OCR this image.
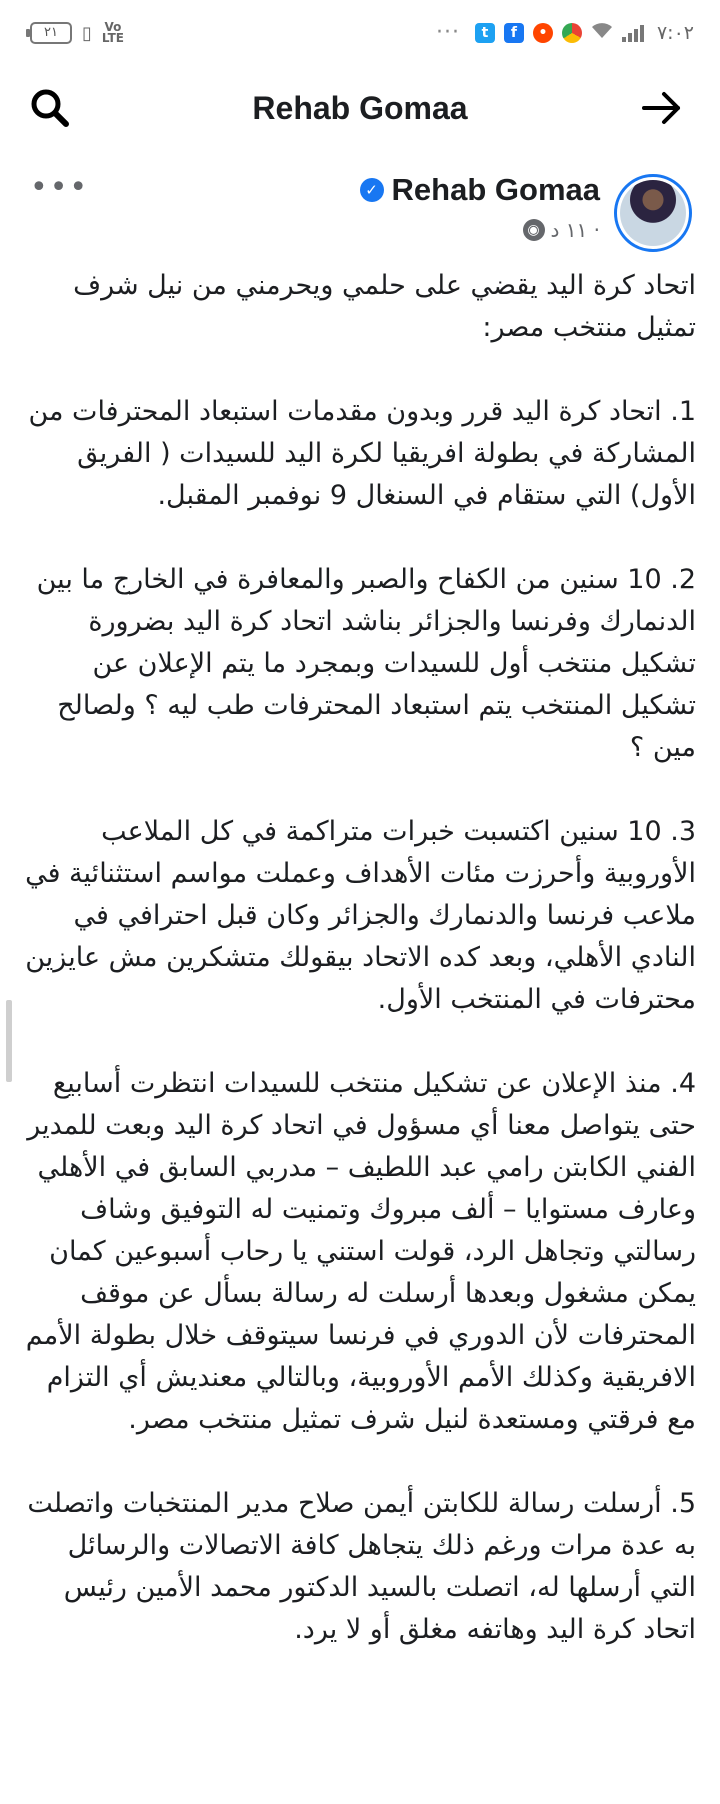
٢١	▯ Vo
LTE	···	t	f	•	٧:٠٢
Rehab Gomaa
•••	✓ Rehab Gomaa
◉ ١١ د ·

اتحاد كرة اليد يقضي على حلمي ويحرمني من نيل شرف تمثيل منتخب مصر:

1. اتحاد كرة اليد قرر وبدون مقدمات استبعاد المحترفات من المشاركة في بطولة افريقيا لكرة اليد للسيدات ( الفريق الأول) التي ستقام في السنغال 9 نوفمبر المقبل.

2. 10 سنين من الكفاح والصبر والمعافرة في الخارج ما بين الدنمارك وفرنسا والجزائر بناشد اتحاد كرة اليد بضرورة تشكيل منتخب أول للسيدات وبمجرد ما يتم الإعلان عن تشكيل المنتخب يتم استبعاد المحترفات طب ليه ؟ ولصالح مين ؟

3. 10 سنين اكتسبت خبرات متراكمة في كل الملاعب الأوروبية وأحرزت مئات الأهداف وعملت مواسم استثنائية في ملاعب فرنسا والدنمارك والجزائر وكان قبل احترافي في النادي الأهلي، وبعد كده الاتحاد بيقولك متشكرين مش عايزين محترفات في المنتخب الأول.

4. منذ الإعلان عن تشكيل منتخب للسيدات انتظرت أسابيع حتى يتواصل معنا أي مسؤول في اتحاد كرة اليد وبعت للمدير الفني الكابتن رامي عبد اللطيف – مدربي السابق في الأهلي وعارف مستوايا – ألف مبروك وتمنيت له التوفيق وشاف رسالتي وتجاهل الرد، قولت استني يا رحاب أسبوعين كمان يمكن مشغول وبعدها أرسلت له رسالة بسأل عن موقف المحترفات لأن الدوري في فرنسا سيتوقف خلال بطولة الأمم الافريقية وكذلك الأمم الأوروبية، وبالتالي معنديش أي التزام مع فرقتي ومستعدة لنيل شرف تمثيل منتخب مصر.

5. أرسلت رسالة للكابتن أيمن صلاح مدير المنتخبات واتصلت به عدة مرات ورغم ذلك يتجاهل كافة الاتصالات والرسائل التي أرسلها له، اتصلت بالسيد الدكتور محمد الأمين رئيس اتحاد كرة اليد وهاتفه مغلق أو لا يرد.
